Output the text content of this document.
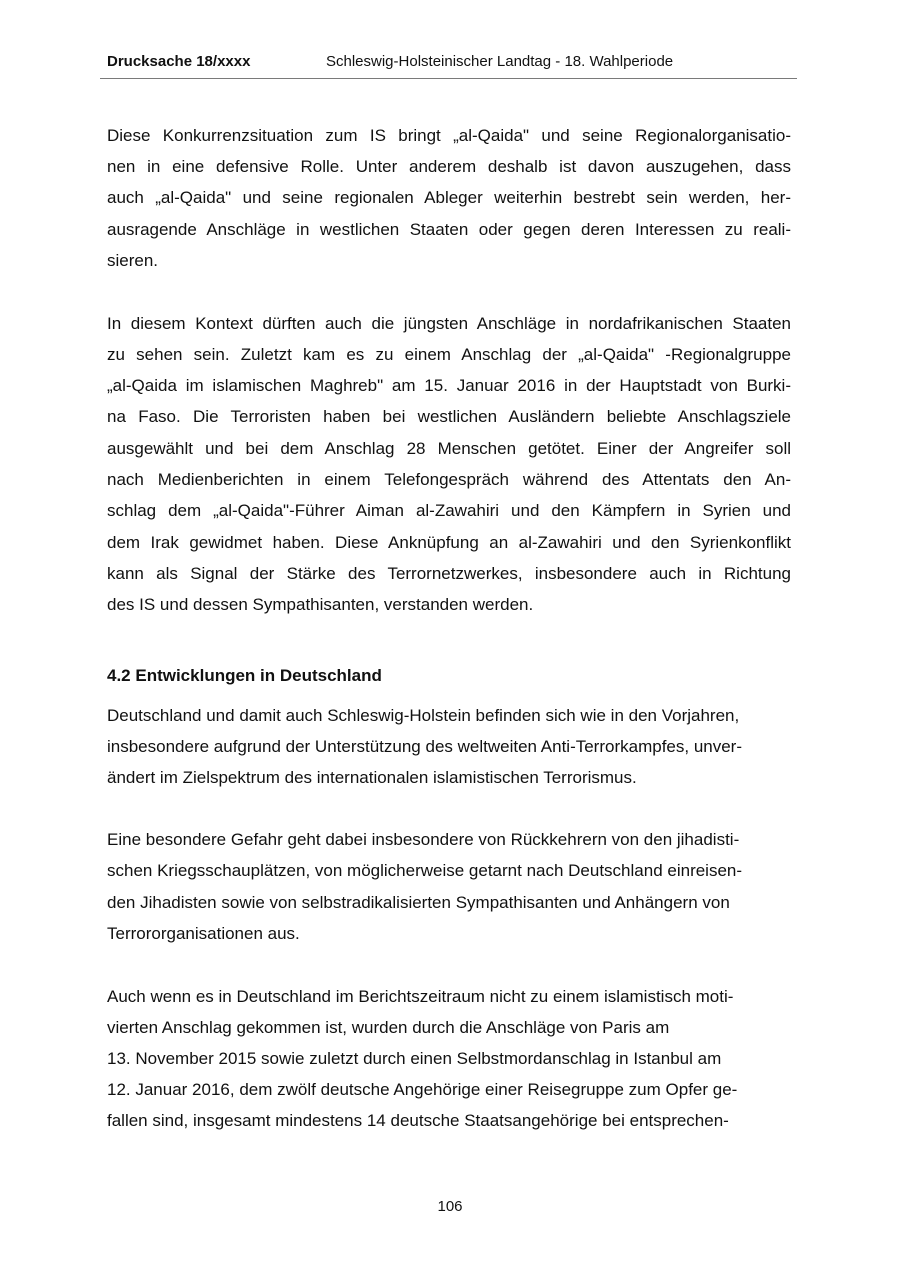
Drucksache 18/xxxx	Schleswig-Holsteinischer Landtag - 18. Wahlperiode
Diese Konkurrenzsituation zum IS bringt „al-Qaida" und seine Regionalorganisatio-
nen in eine defensive Rolle. Unter anderem deshalb ist davon auszugehen, dass
auch „al-Qaida" und seine regionalen Ableger weiterhin bestrebt sein werden, her-
ausragende Anschläge in westlichen Staaten oder gegen deren Interessen zu reali-
sieren.
In diesem Kontext dürften auch die jüngsten Anschläge in nordafrikanischen Staaten
zu sehen sein. Zuletzt kam es zu einem Anschlag der „al-Qaida" -Regionalgruppe
„al-Qaida im islamischen Maghreb" am 15. Januar 2016 in der Hauptstadt von Burki-
na Faso. Die Terroristen haben bei westlichen Ausländern beliebte Anschlagsziele
ausgewählt und bei dem Anschlag 28 Menschen getötet. Einer der Angreifer soll
nach Medienberichten in einem Telefongespräch während des Attentats den An-
schlag dem „al-Qaida"-Führer Aiman al-Zawahiri und den Kämpfern in Syrien und
dem Irak gewidmet haben. Diese Anknüpfung an al-Zawahiri und den Syrienkonflikt
kann als Signal der Stärke des Terrornetzwerkes, insbesondere auch in Richtung
des IS und dessen Sympathisanten, verstanden werden.
4.2 Entwicklungen in Deutschland
Deutschland und damit auch Schleswig-Holstein befinden sich wie in den Vorjahren,
insbesondere aufgrund der Unterstützung des weltweiten Anti-Terrorkampfes, unver-
ändert im Zielspektrum des internationalen islamistischen Terrorismus.
Eine besondere Gefahr geht dabei insbesondere von Rückkehrern von den jihadisti-
schen Kriegsschauplätzen, von möglicherweise getarnt nach Deutschland einreisen-
den Jihadisten sowie von selbstradikalisierten Sympathisanten und Anhängern von
Terrororganisationen aus.
Auch wenn es in Deutschland im Berichtszeitraum nicht zu einem islamistisch moti-
vierten Anschlag gekommen ist, wurden durch die Anschläge von Paris am
13. November 2015 sowie zuletzt durch einen Selbstmordanschlag in Istanbul am
12. Januar 2016, dem zwölf deutsche Angehörige einer Reisegruppe zum Opfer ge-
fallen sind, insgesamt mindestens 14 deutsche Staatsangehörige bei entsprechen-
106
